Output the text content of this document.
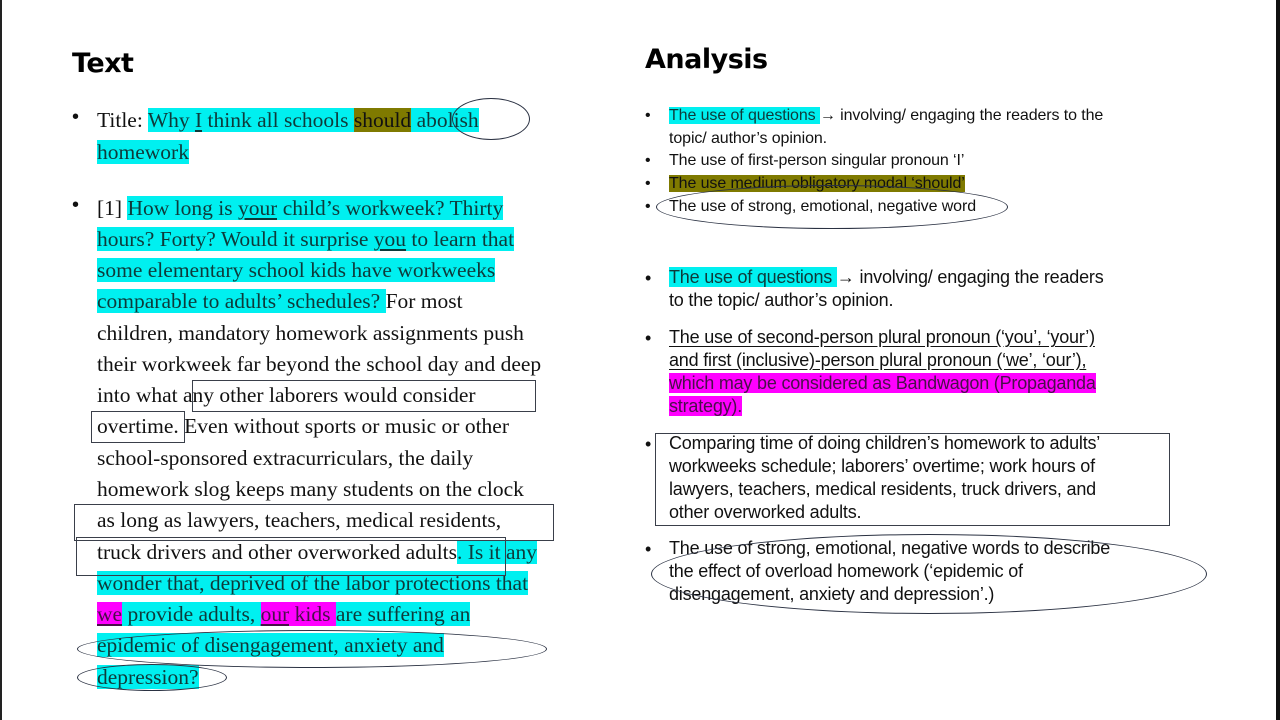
Text
• Title: Why I think all schools should abolish
homework
• [1] How long is your child’s workweek? Thirty
hours? Forty? Would it surprise you to learn that
some elementary school kids have workweeks
comparable to adults’ schedules? For most
children, mandatory homework assignments push
their workweek far beyond the school day and deep
into what any other laborers would consider
overtime. Even without sports or music or other
school-sponsored extracurriculars, the daily
homework slog keeps many students on the clock
as long as lawyers, teachers, medical residents,
truck drivers and other overworked adults. Is it any
wonder that, deprived of the labor protections that
we provide adults, our kids are suffering an
epidemic of disengagement, anxiety and
depression?
Analysis
• The use of questions → involving/ engaging the readers to the
topic/ author’s opinion.
• The use of first-person singular pronoun ‘I’
• The use medium obligatory modal ‘should’
• The use of strong, emotional, negative word
• The use of questions → involving/ engaging the readers
to the topic/ author’s opinion.
• The use of second-person plural pronoun (‘you’, ‘your’)
and first (inclusive)-person plural pronoun (‘we’, ‘our’),
which may be considered as Bandwagon (Propaganda
strategy).
• Comparing time of doing children’s homework to adults’
workweeks schedule; laborers’ overtime; work hours of
lawyers, teachers, medical residents, truck drivers, and
other overworked adults.
• The use of strong, emotional, negative words to describe
the effect of overload homework (‘epidemic of
disengagement, anxiety and depression’.)
